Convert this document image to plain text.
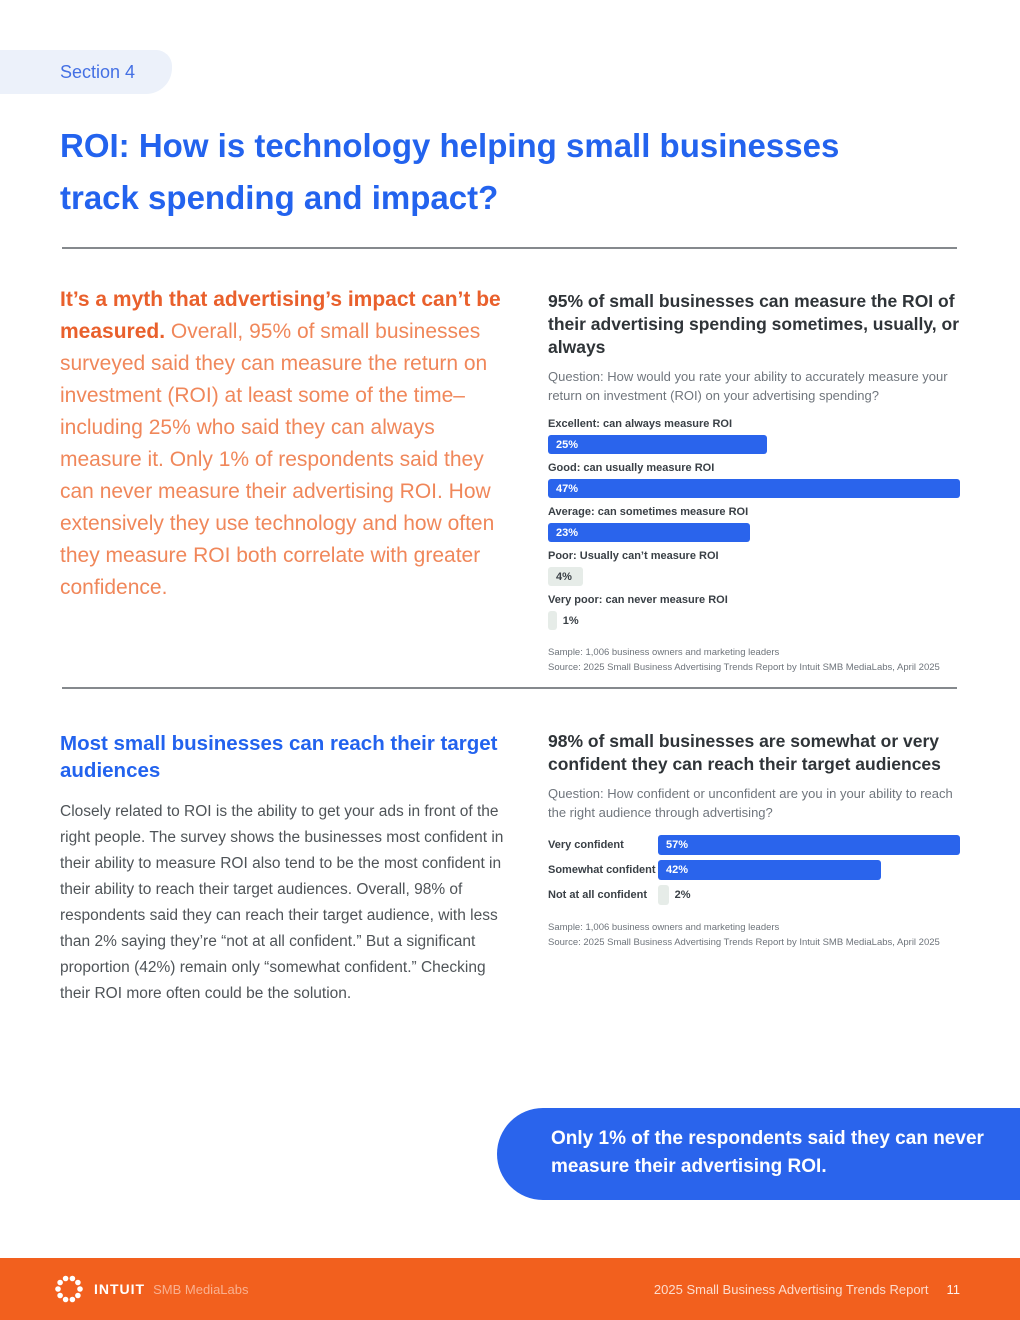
Section 4
ROI: How is technology helping small businesses
track spending and impact?

It’s a myth that advertising’s impact can’t be measured. Overall, 95% of small businesses surveyed said they can measure the return on investment (ROI) at least some of the time–including 25% who said they can always measure it. Only 1% of respondents said they can never measure their advertising ROI. How extensively they use technology and how often they measure ROI both correlate with greater confidence.

95% of small businesses can measure the ROI of their advertising spending sometimes, usually, or always

Question: How would you rate your ability to accurately measure your return on investment (ROI) on your advertising spending?

Excellent: can always measure ROI
25%
Good: can usually measure ROI
47%
Average: can sometimes measure ROI
23%
Poor: Usually can’t measure ROI
4%
Very poor: can never measure ROI
1%
Sample: 1,006 business owners and marketing leaders
Source: 2025 Small Business Advertising Trends Report by Intuit SMB MediaLabs, April 2025
Most small businesses can reach their target audiences

Closely related to ROI is the ability to get your ads in front of the right people. The survey shows the businesses most confident in their ability to measure ROI also tend to be the most confident in their ability to reach their target audiences. Overall, 98% of respondents said they can reach their target audience, with less than 2% saying they’re “not at all confident.” But a significant proportion (42%) remain only “somewhat confident.” Checking their ROI more often could be the solution.

98% of small businesses are somewhat or very confident they can reach their target audiences

Question: How confident or unconfident are you in your ability to reach the right audience through advertising?

Very confident	57%
Somewhat confident 42%
Not at all confident	2%
Sample: 1,006 business owners and marketing leaders
Source: 2025 Small Business Advertising Trends Report by Intuit SMB MediaLabs, April 2025
Only 1% of the respondents said they can never measure their advertising ROI.
INTUIT SMB MediaLabs	2025 Small Business Advertising Trends Report 11
